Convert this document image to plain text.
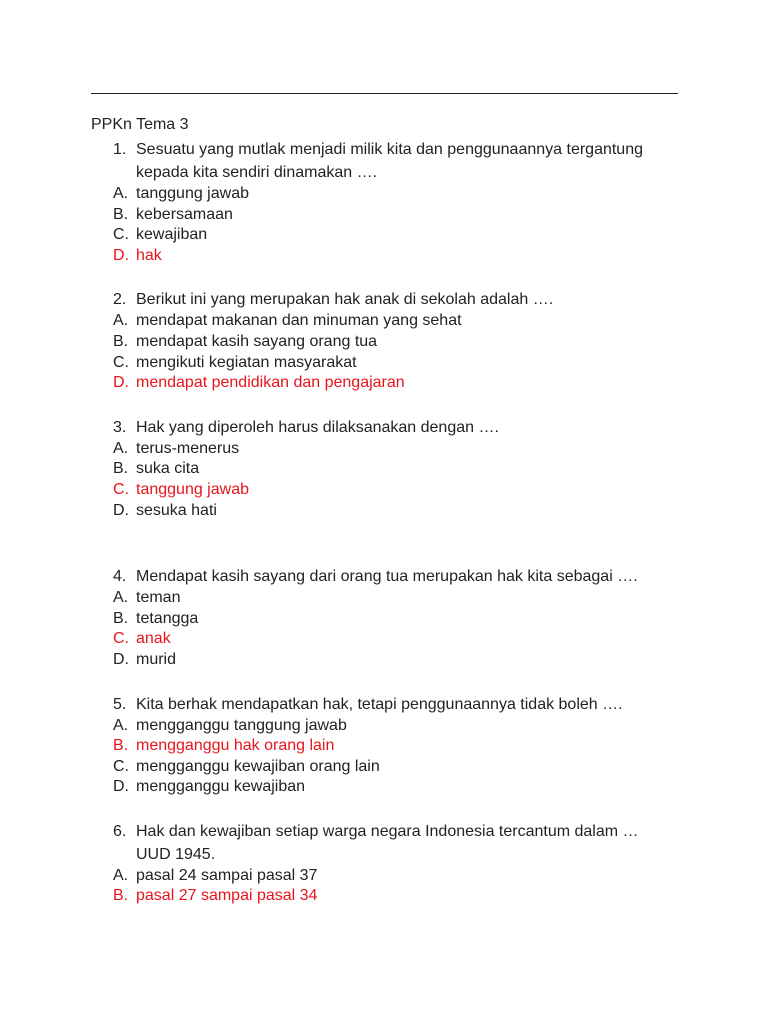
PPKn Tema 3
1. Sesuatu yang mutlak menjadi milik kita dan penggunaannya tergantung kepada kita sendiri dinamakan ….
A. tanggung jawab
B. kebersamaan
C. kewajiban
D. hak
2. Berikut ini yang merupakan hak anak di sekolah adalah ….
A. mendapat makanan dan minuman yang sehat
B. mendapat kasih sayang orang tua
C. mengikuti kegiatan masyarakat
D. mendapat pendidikan dan pengajaran
3. Hak yang diperoleh harus dilaksanakan dengan ….
A. terus-menerus
B. suka cita
C. tanggung jawab
D. sesuka hati
4. Mendapat kasih sayang dari orang tua merupakan hak kita sebagai ….
A. teman
B. tetangga
C. anak
D. murid
5. Kita berhak mendapatkan hak, tetapi penggunaannya tidak boleh ….
A. mengganggu tanggung jawab
B. mengganggu hak orang lain
C. mengganggu kewajiban orang lain
D. mengganggu kewajiban
6. Hak dan kewajiban setiap warga negara Indonesia tercantum dalam … UUD 1945.
A. pasal 24 sampai pasal 37
B. pasal 27 sampai pasal 34
